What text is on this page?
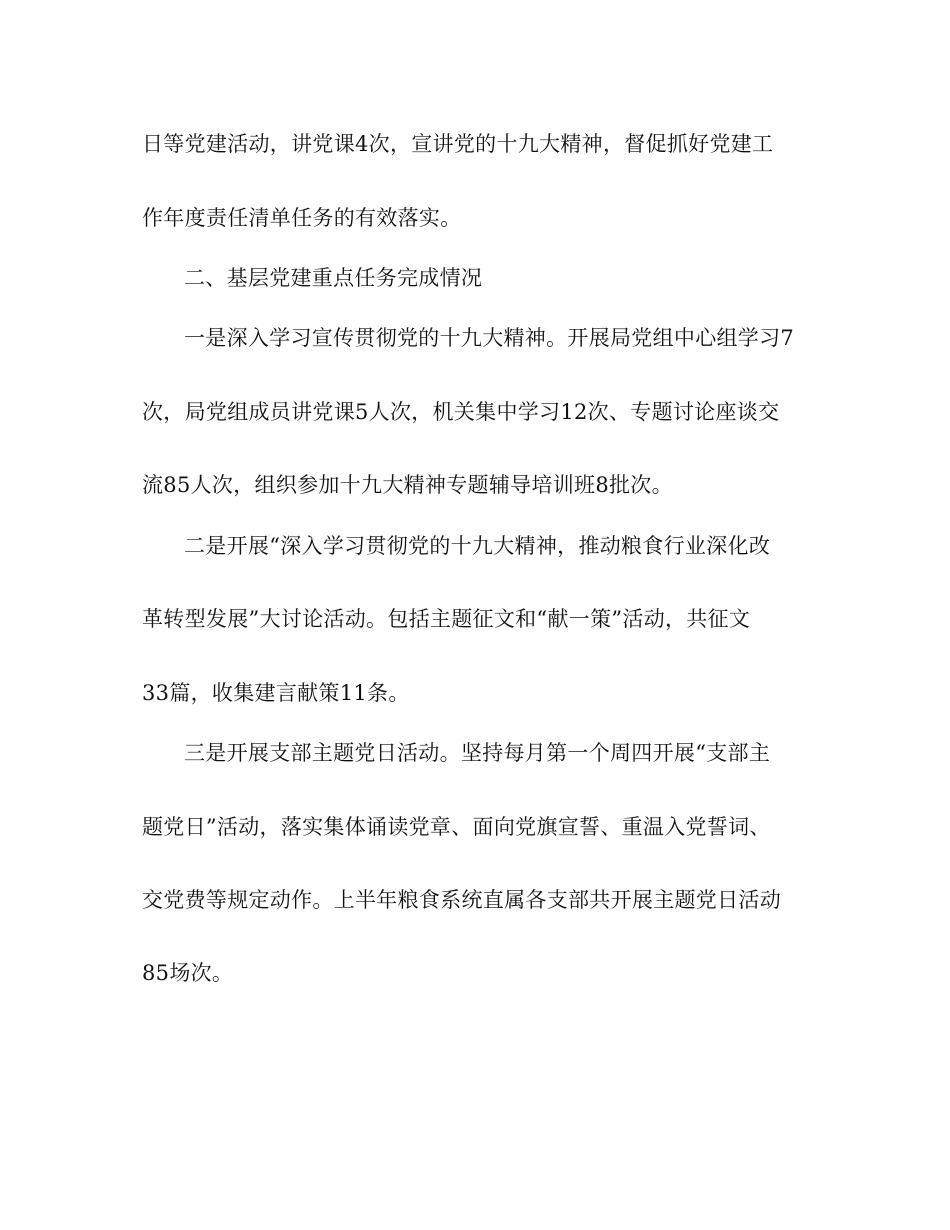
日等党建活动，讲党课4次，宣讲党的十九大精神，督促抓好党建工

作年度责任清单任务的有效落实。

二、基层党建重点任务完成情况

一是深入学习宣传贯彻党的十九大精神。开展局党组中心组学习7

次，局党组成员讲党课5人次，机关集中学习12次、专题讨论座谈交

流85人次，组织参加十九大精神专题辅导培训班8批次。

二是开展“深入学习贯彻党的十九大精神，推动粮食行业深化改

革转型发展”大讨论活动。包括主题征文和“献一策”活动，共征文

33篇，收集建言献策11条。

三是开展支部主题党日活动。坚持每月第一个周四开展“支部主

题党日”活动，落实集体诵读党章、面向党旗宣誓、重温入党誓词、

交党费等规定动作。上半年粮食系统直属各支部共开展主题党日活动

85场次。
